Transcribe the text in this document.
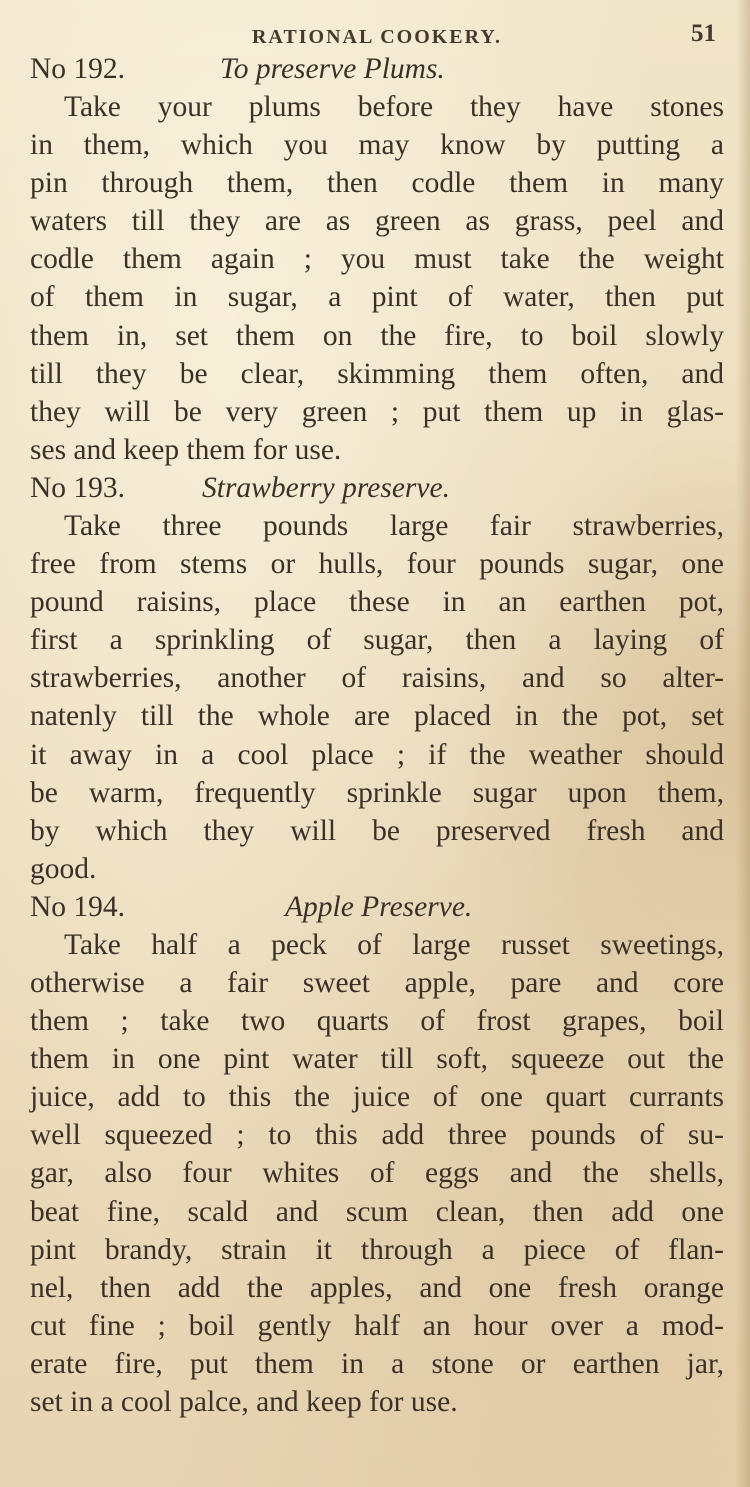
RATIONAL COOKERY.	51

No 192.	To preserve Plums.

Take your plums before they have stones
in them, which you may know by putting a
pin through them, then codle them in many
waters till they are as green as grass, peel and
codle them again ; you must take the weight
of them in sugar, a pint of water, then put
them in, set them on the fire, to boil slowly
till they be clear, skimming them often, and
they will be very green ; put them up in glas-
ses and keep them for use.

No 193.	Strawberry preserve.

Take three pounds large fair strawberries,
free from stems or hulls, four pounds sugar, one
pound raisins, place these in an earthen pot,
first a sprinkling of sugar, then a laying of
strawberries, another of raisins, and so alter-
natenly till the whole are placed in the pot, set
it away in a cool place ; if the weather should
be warm, frequently sprinkle sugar upon them,
by which they will be preserved fresh and
good.

No 194.	Apple Preserve.

Take half a peck of large russet sweetings,
otherwise a fair sweet apple, pare and core
them ; take two quarts of frost grapes, boil
them in one pint water till soft, squeeze out the
juice, add to this the juice of one quart currants
well squeezed ; to this add three pounds of su-
gar, also four whites of eggs and the shells,
beat fine, scald and scum clean, then add one
pint brandy, strain it through a piece of flan-
nel, then add the apples, and one fresh orange
cut fine ; boil gently half an hour over a mod-
erate fire, put them in a stone or earthen jar,
set in a cool palce, and keep for use.
